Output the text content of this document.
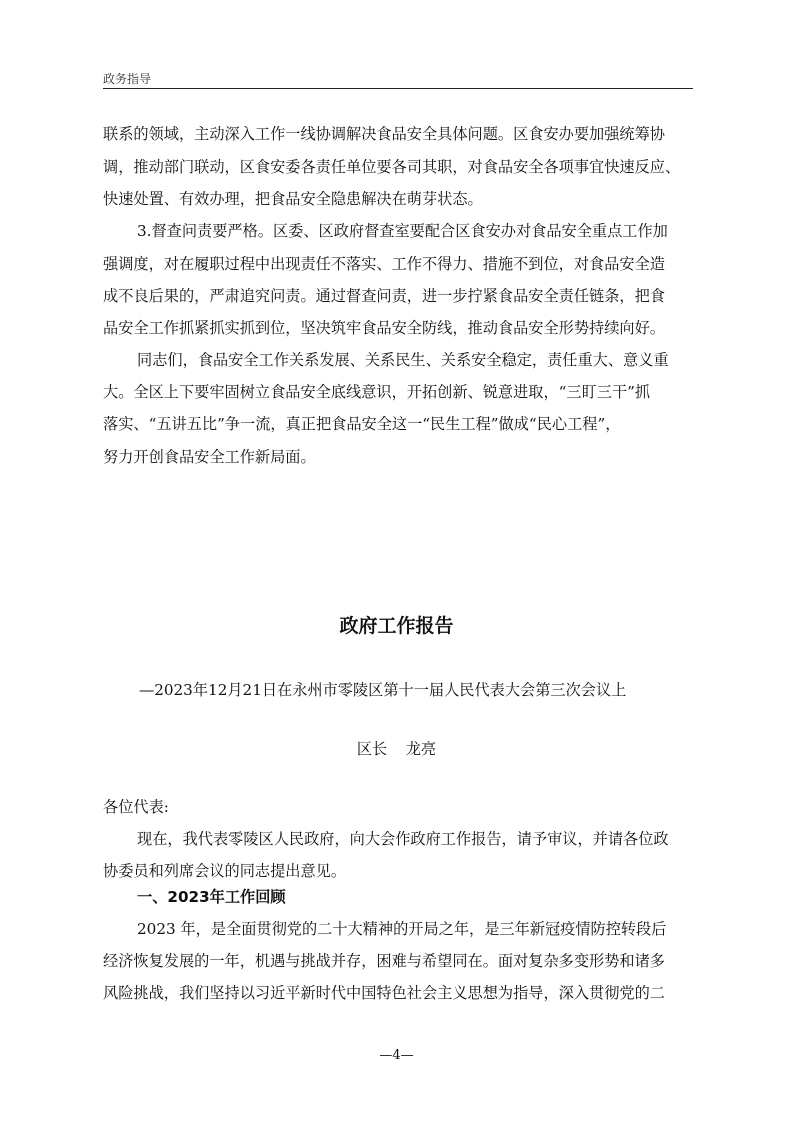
政务指导
联系的领域，主动深入工作一线协调解决食品安全具体问题。区食安办要加强统筹协
调，推动部门联动，区食安委各责任单位要各司其职，对食品安全各项事宜快速反应、
快速处置、有效办理，把食品安全隐患解决在萌芽状态。
3.督查问责要严格。区委、区政府督查室要配合区食安办对食品安全重点工作加
强调度，对在履职过程中出现责任不落实、工作不得力、措施不到位，对食品安全造
成不良后果的，严肃追究问责。通过督查问责，进一步拧紧食品安全责任链条，把食
品安全工作抓紧抓实抓到位，坚决筑牢食品安全防线，推动食品安全形势持续向好。
同志们，食品安全工作关系发展、关系民生、关系安全稳定，责任重大、意义重
大。全区上下要牢固树立食品安全底线意识，开拓创新、锐意进取，“三盯三干”抓
落实、“五讲五比”争一流，真正把食品安全这一“民生工程”做成“民心工程”，
努力开创食品安全工作新局面。
政府工作报告
—2023年12月21日在永州市零陵区第十一届人民代表大会第三次会议上
区长 龙亮
各位代表:
现在，我代表零陵区人民政府，向大会作政府工作报告，请予审议，并请各位政
协委员和列席会议的同志提出意见。
一、2023年工作回顾
2023 年，是全面贯彻党的二十大精神的开局之年，是三年新冠疫情防控转段后
经济恢复发展的一年，机遇与挑战并存，困难与希望同在。面对复杂多变形势和诸多
风险挑战，我们坚持以习近平新时代中国特色社会主义思想为指导，深入贯彻党的二
—4—
